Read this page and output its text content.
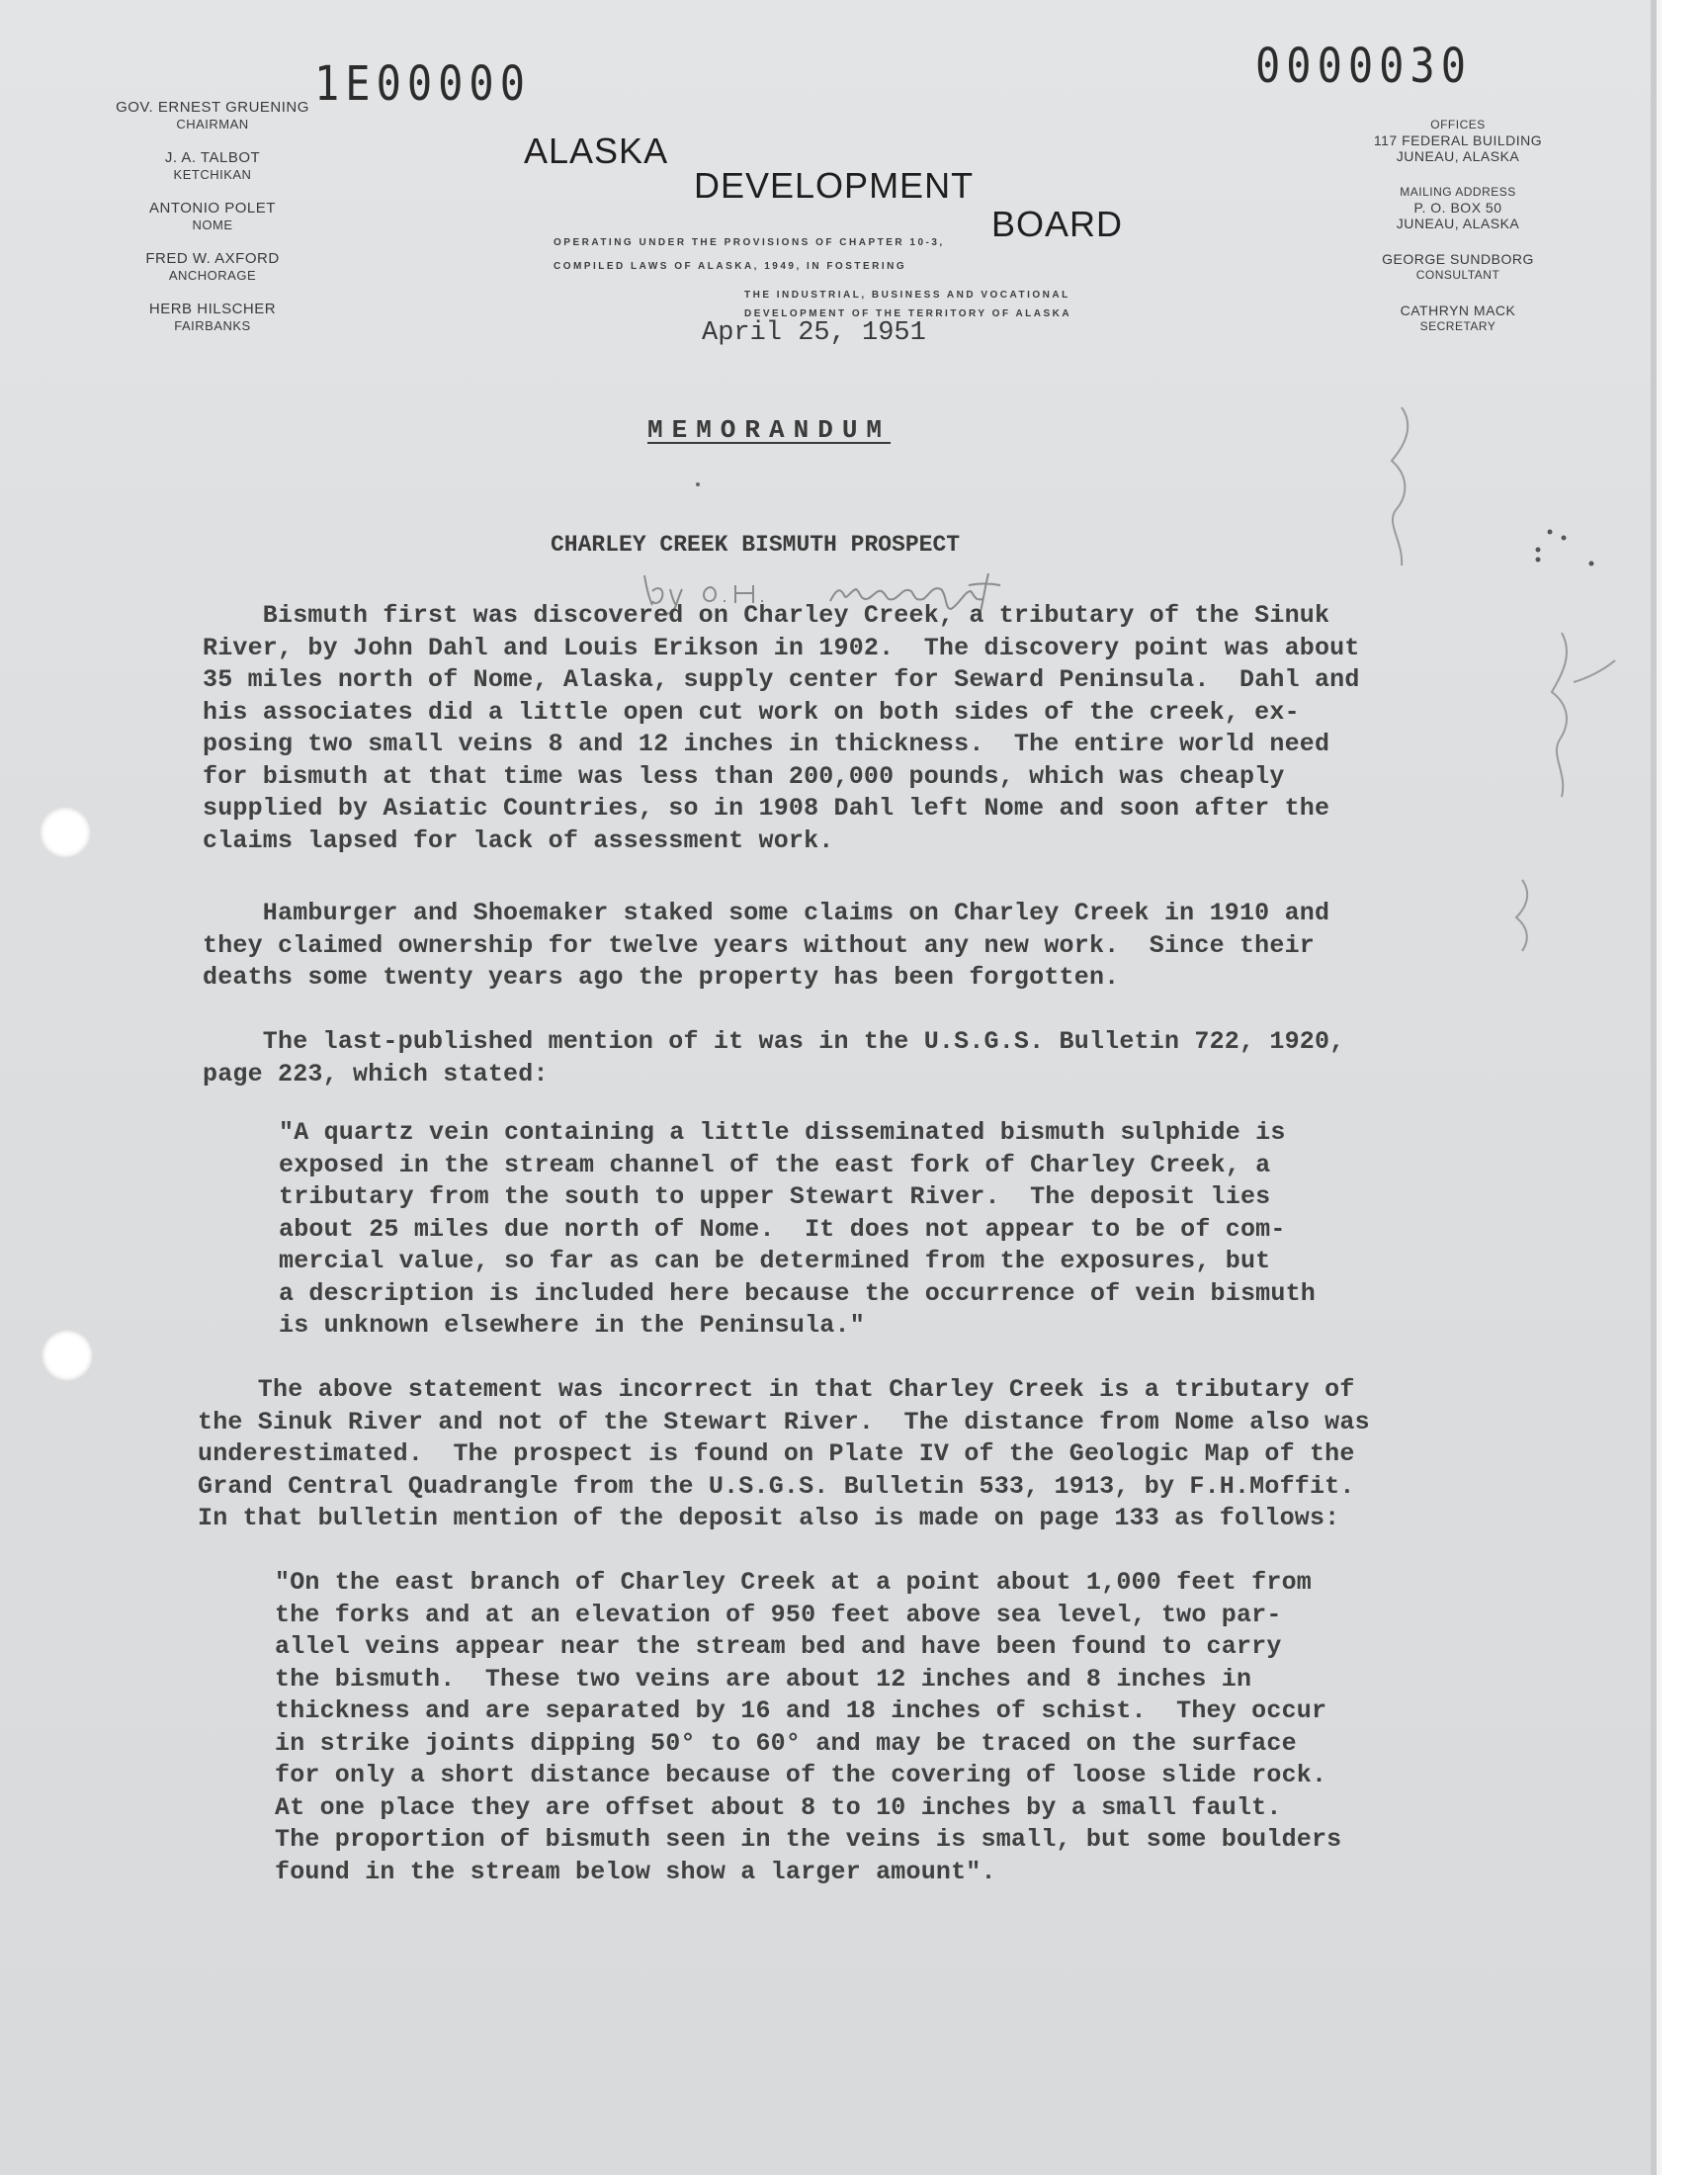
1E00000	0000030
GOV. ERNEST GRUENING
CHAIRMAN
J. A. TALBOT
KETCHIKAN
ANTONIO POLET
NOME
FRED W. AXFORD
ANCHORAGE
HERB HILSCHER
FAIRBANKS
ALASKA
DEVELOPMENT
BOARD
OPERATING UNDER THE PROVISIONS OF CHAPTER 10-3,
COMPILED LAWS OF ALASKA, 1949, IN FOSTERING
THE INDUSTRIAL, BUSINESS AND VOCATIONAL
DEVELOPMENT OF THE TERRITORY OF ALASKA
OFFICES
117 FEDERAL BUILDING
JUNEAU, ALASKA
MAILING ADDRESS
P. O. BOX 50
JUNEAU, ALASKA
GEORGE SUNDBORG
CONSULTANT
CATHRYN MACK
SECRETARY
April 25, 1951
MEMORANDUM
CHARLEY CREEK BISMUTH PROSPECT
Bismuth first was discovered on Charley Creek, a tributary of the Sinuk
River, by John Dahl and Louis Erikson in 1902.  The discovery point was about
35 miles north of Nome, Alaska, supply center for Seward Peninsula.  Dahl and
his associates did a little open cut work on both sides of the creek, ex-
posing two small veins 8 and 12 inches in thickness.  The entire world need
for bismuth at that time was less than 200,000 pounds, which was cheaply
supplied by Asiatic Countries, so in 1908 Dahl left Nome and soon after the
claims lapsed for lack of assessment work.
Hamburger and Shoemaker staked some claims on Charley Creek in 1910 and
they claimed ownership for twelve years without any new work.  Since their
deaths some twenty years ago the property has been forgotten.
The last-published mention of it was in the U.S.G.S. Bulletin 722, 1920,
page 223, which stated:
"A quartz vein containing a little disseminated bismuth sulphide is
exposed in the stream channel of the east fork of Charley Creek, a
tributary from the south to upper Stewart River.  The deposit lies
about 25 miles due north of Nome.  It does not appear to be of com-
mercial value, so far as can be determined from the exposures, but
a description is included here because the occurrence of vein bismuth
is unknown elsewhere in the Peninsula."
The above statement was incorrect in that Charley Creek is a tributary of
the Sinuk River and not of the Stewart River.  The distance from Nome also was
underestimated.  The prospect is found on Plate IV of the Geologic Map of the
Grand Central Quadrangle from the U.S.G.S. Bulletin 533, 1913, by F.H.Moffit.
In that bulletin mention of the deposit also is made on page 133 as follows:
"On the east branch of Charley Creek at a point about 1,000 feet from
the forks and at an elevation of 950 feet above sea level, two par-
allel veins appear near the stream bed and have been found to carry
the bismuth.  These two veins are about 12 inches and 8 inches in
thickness and are separated by 16 and 18 inches of schist.  They occur
in strike joints dipping 50° to 60° and may be traced on the surface
for only a short distance because of the covering of loose slide rock.
At one place they are offset about 8 to 10 inches by a small fault.
The proportion of bismuth seen in the veins is small, but some boulders
found in the stream below show a larger amount".
